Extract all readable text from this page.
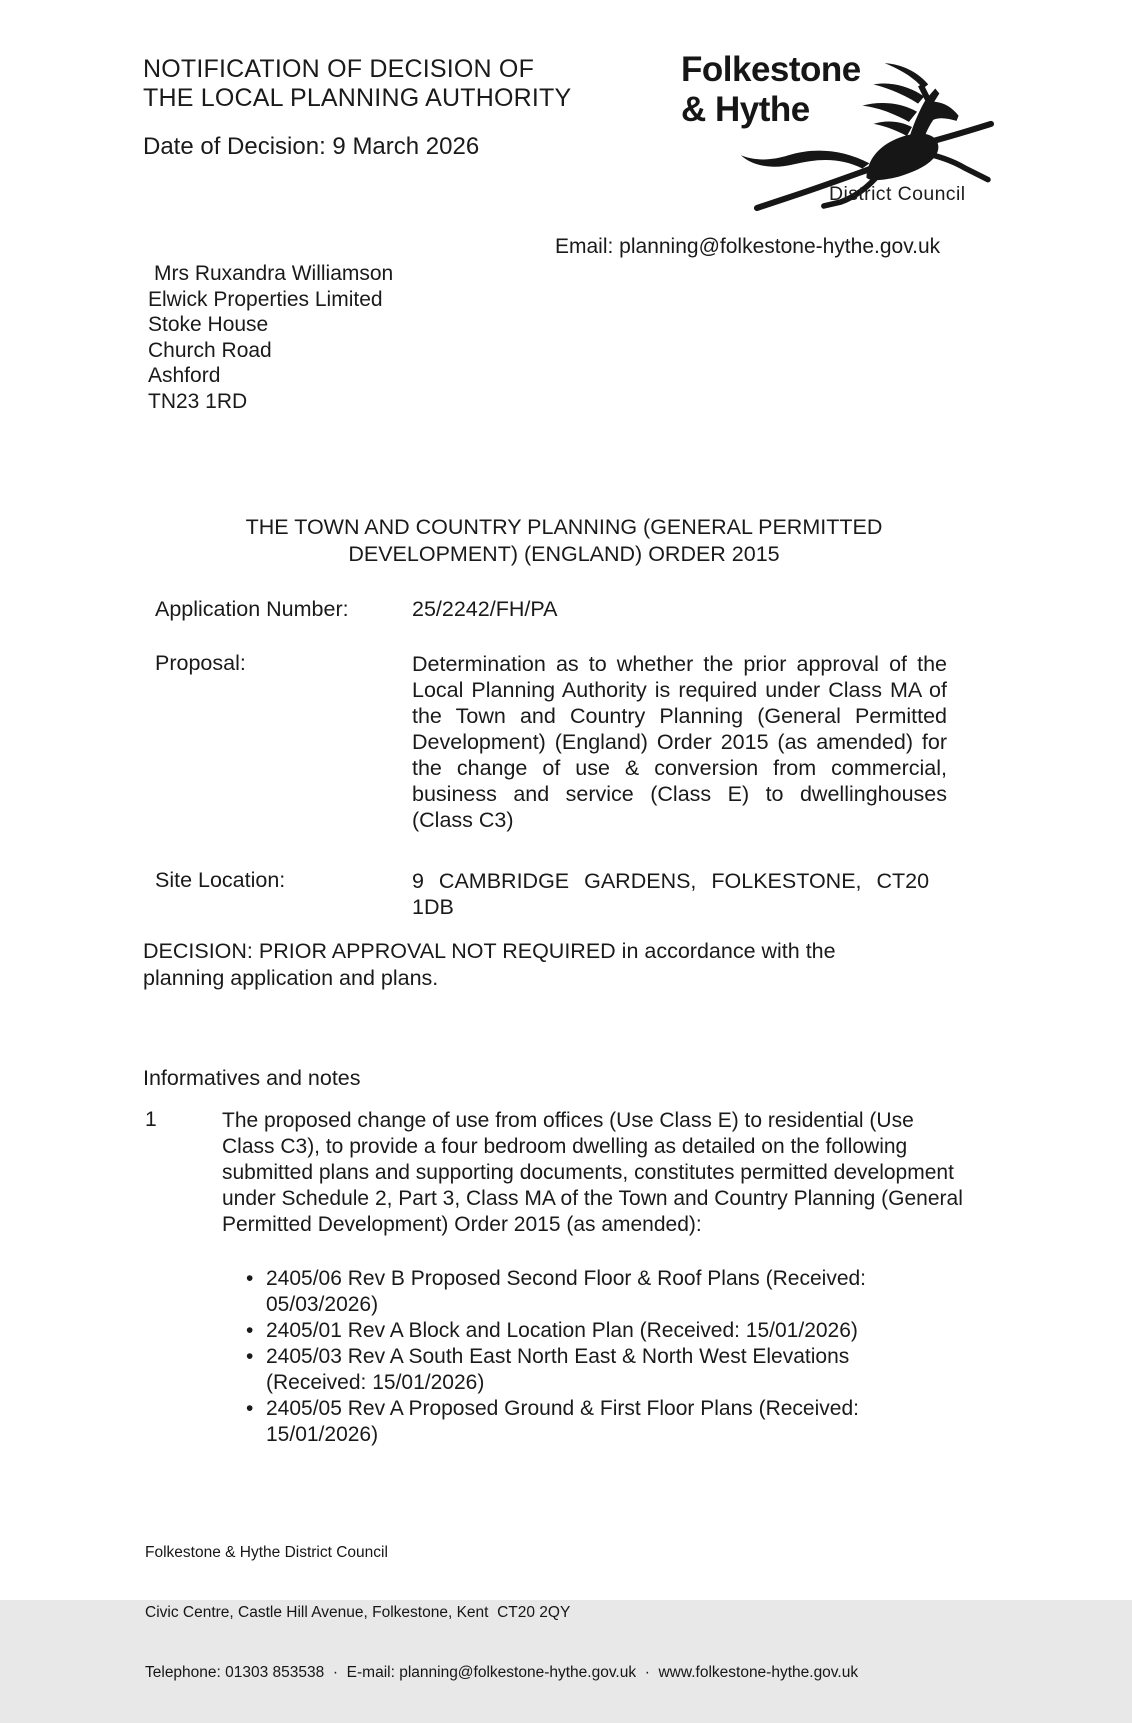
NOTIFICATION OF DECISION OF
THE LOCAL PLANNING AUTHORITY
Date of Decision: 9 March 2026
Folkestone
& Hythe
District Council
Email: planning@folkestone-hythe.gov.uk
Mrs Ruxandra Williamson
Elwick Properties Limited
Stoke House
Church Road
Ashford
TN23 1RD
THE TOWN AND COUNTRY PLANNING (GENERAL PERMITTED
DEVELOPMENT) (ENGLAND) ORDER 2015
Application Number:	25/2242/FH/PA
Proposal:	Determination as to whether the prior approval of the Local Planning Authority is required under Class MA of the Town and Country Planning (General Permitted Development) (England) Order 2015 (as amended) for the change of use & conversion from commercial, business and service (Class E) to dwellinghouses (Class C3)
Site Location:	9 CAMBRIDGE GARDENS, FOLKESTONE, CT20
1DB
DECISION: PRIOR APPROVAL NOT REQUIRED in accordance with the planning application and plans.
Informatives and notes
1	The proposed change of use from offices (Use Class E) to residential (Use Class C3), to provide a four bedroom dwelling as detailed on the following submitted plans and supporting documents, constitutes permitted development under Schedule 2, Part 3, Class MA of the Town and Country Planning (General Permitted Development) Order 2015 (as amended):
• 2405/06 Rev B Proposed Second Floor & Roof Plans (Received: 05/03/2026)
• 2405/01 Rev A Block and Location Plan (Received: 15/01/2026)
• 2405/03 Rev A South East North East & North West Elevations (Received: 15/01/2026)
• 2405/05 Rev A Proposed Ground & First Floor Plans (Received: 15/01/2026)

Folkestone & Hythe District Council

Civic Centre, Castle Hill Avenue, Folkestone, Kent  CT20 2QY

Telephone: 01303 853538  ·  E-mail: planning@folkestone-hythe.gov.uk  ·  www.folkestone-hythe.gov.uk
